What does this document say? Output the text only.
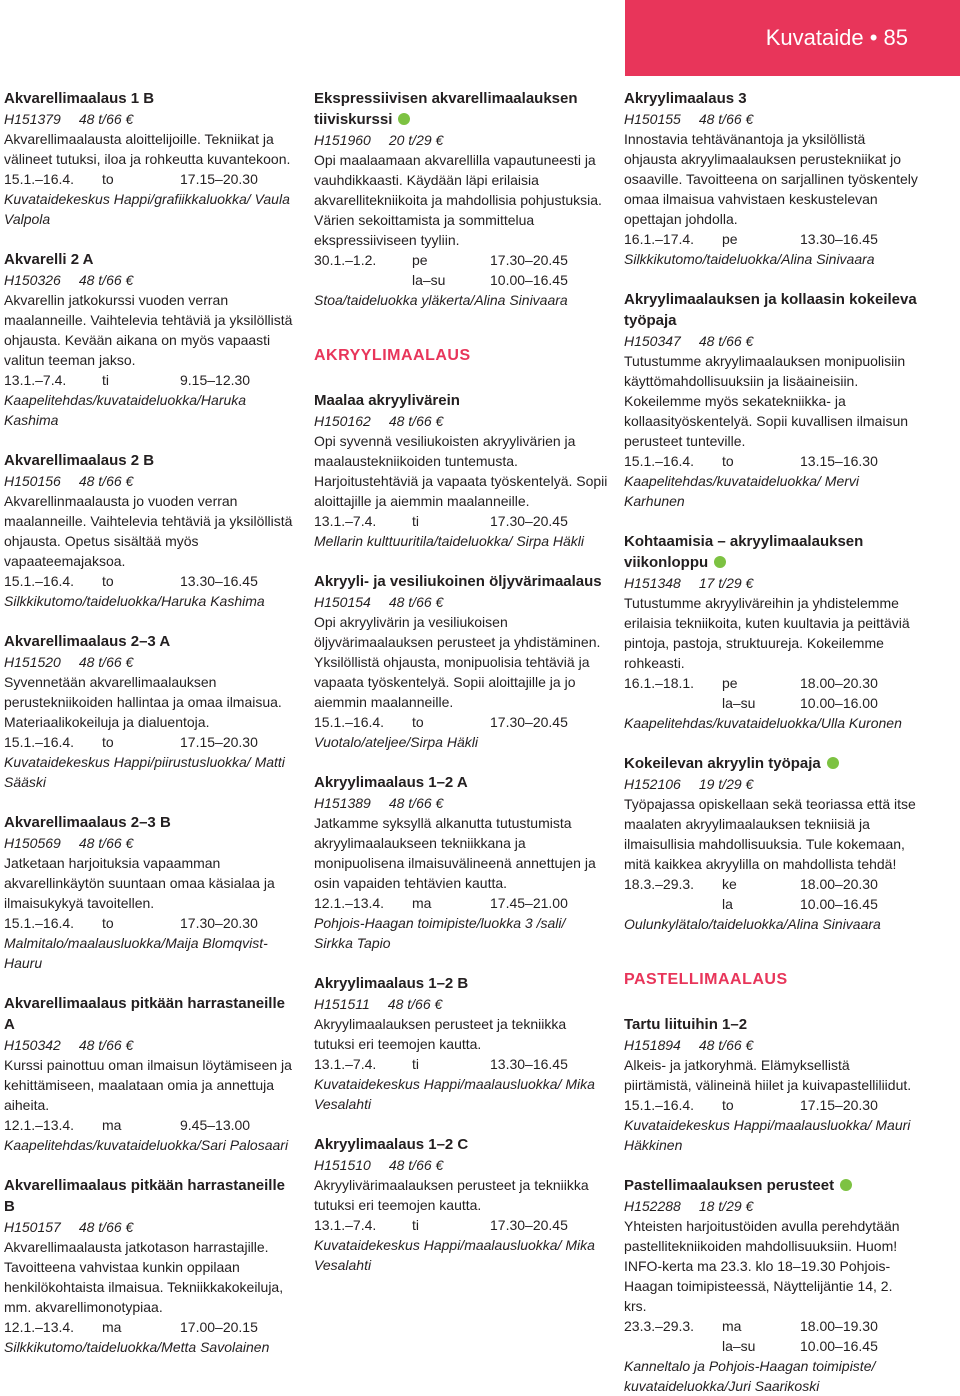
Kuvataide • 85
Akvarellimaalaus 1 B
H151379 48 t/66 €
Akvarellimaalausta aloittelijoille. Tekniikat ja välineet tutuksi, iloa ja rohkeutta kuvantekoon.
15.1.–16.4.	to	17.15–20.30
Kuvataidekeskus Happi/grafiikkaluokka/ Vaula Valpola
Akvarelli 2 A
H150326 48 t/66 €
Akvarellin jatkokurssi vuoden verran maalanneille. Vaihtelevia tehtäviä ja yksilöllistä ohjausta. Kevään aikana on myös vapaasti valitun teeman jakso.
13.1.–7.4.	ti	9.15–12.30
Kaapelitehdas/kuvataideluokka/Haruka Kashima
Akvarellimaalaus 2 B
H150156 48 t/66 €
Akvarellinmaalausta jo vuoden verran maalanneille. Vaihtelevia tehtäviä ja yksilöllistä ohjausta. Opetus sisältää myös vapaateemajaksoa.
15.1.–16.4.	to	13.30–16.45
Silkkikutomo/taideluokka/Haruka Kashima
Akvarellimaalaus 2–3 A
H151520 48 t/66 €
Syvennetään akvarellimaalauksen perustekniikoiden hallintaa ja omaa ilmaisua. Materiaalikokeiluja ja dialuentoja.
15.1.–16.4.	to	17.15–20.30
Kuvataidekeskus Happi/piirustusluokka/ Matti Sääski
Akvarellimaalaus 2–3 B
H150569 48 t/66 €
Jatketaan harjoituksia vapaamman akvarellinkäytön suuntaan omaa käsialaa ja ilmaisukykyä tavoitellen.
15.1.–16.4.	to	17.30–20.30
Malmitalo/maalausluokka/Maija Blomqvist-Hauru
Akvarellimaalaus pitkään harrastaneille A
H150342 48 t/66 €
Kurssi painottuu oman ilmaisun löytämiseen ja kehittämiseen, maalataan omia ja annettuja aiheita.
12.1.–13.4.	ma	9.45–13.00
Kaapelitehdas/kuvataideluokka/Sari Palosaari
Akvarellimaalaus pitkään harrastaneille B
H150157 48 t/66 €
Akvarellimaalausta jatkotason harrastajille. Tavoitteena vahvistaa kunkin oppilaan henkilökohtaista ilmaisua. Tekniikkakokeiluja, mm. akvarellimonotypiaa.
12.1.–13.4.	ma	17.00–20.15
Silkkikutomo/taideluokka/Metta Savolainen
Ekspressiivisen akvarellimaalauksen tiiviskurssi
H151960 20 t/29 €
Opi maalaamaan akvarellilla vapautuneesti ja vauhdikkaasti. Käydään läpi erilaisia akvarellitekniikoita ja mahdollisia pohjustuksia. Värien sekoittamista ja sommittelua ekspressiiviseen tyyliin.
30.1.–1.2.	pe	17.30–20.45
la–su	10.00–16.45
Stoa/taideluokka yläkerta/Alina Sinivaara
AKRYYLIMAALAUS
Maalaa akryylivärein
H150162 48 t/66 €
Opi syvennä vesiliukoisten akryylivärien ja maalaustekniikoiden tuntemusta. Harjoitustehtäviä ja vapaata työskentelyä. Sopii aloittajille ja aiemmin maalanneille.
13.1.–7.4.	ti	17.30–20.45
Mellarin kulttuuritila/taideluokka/ Sirpa Häkli
Akryyli- ja vesiliukoinen öljyvärimaalaus
H150154 48 t/66 €
Opi akryylivärin ja vesiliukoisen öljyvärimaalauksen perusteet ja yhdistäminen. Yksilöllistä ohjausta, monipuolisia tehtäviä ja vapaata työskentelyä. Sopii aloittajille ja jo aiemmin maalanneille.
15.1.–16.4.	to	17.30–20.45
Vuotalo/ateljee/Sirpa Häkli
Akryylimaalaus 1–2 A
H151389 48 t/66 €
Jatkamme syksyllä alkanutta tutustumista akryylimaalaukseen tekniikkana ja monipuolisena ilmaisuvälineenä annettujen ja osin vapaiden tehtävien kautta.
12.1.–13.4.	ma	17.45–21.00
Pohjois-Haagan toimipiste/luokka 3 /sali/ Sirkka Tapio
Akryylimaalaus 1–2 B
H151511 48 t/66 €
Akryylimaalauksen perusteet ja tekniikka tutuksi eri teemojen kautta.
13.1.–7.4.	ti	13.30–16.45
Kuvataidekeskus Happi/maalausluokka/ Mika Vesalahti
Akryylimaalaus 1–2 C
H151510 48 t/66 €
Akryylivärimaalauksen perusteet ja tekniikka tutuksi eri teemojen kautta.
13.1.–7.4.	ti	17.30–20.45
Kuvataidekeskus Happi/maalausluokka/ Mika Vesalahti
Akryylimaalaus 3
H150155 48 t/66 €
Innostavia tehtävänantoja ja yksilöllistä ohjausta akryylimaalauksen perustekniikat jo osaaville. Tavoitteena on sarjallinen työskentely omaa ilmaisua vahvistaen keskustelevan opettajan johdolla.
16.1.–17.4.	pe	13.30–16.45
Silkkikutomo/taideluokka/Alina Sinivaara
Akryylimaalauksen ja kollaasin kokeileva työpaja
H150347 48 t/66 €
Tutustumme akryylimaalauksen monipuolisiin käyttömahdollisuuksiin ja lisäaineisiin. Kokeilemme myös sekatekniikka- ja kollaasityöskentelyä. Sopii kuvallisen ilmaisun perusteet tunteville.
15.1.–16.4.	to	13.15–16.30
Kaapelitehdas/kuvataideluokka/ Mervi Karhunen
Kohtaamisia – akryylimaalauksen viikonloppu
H151348 17 t/29 €
Tutustumme akryyliväreihin ja yhdistelemme erilaisia tekniikoita, kuten kuultavia ja peittäviä pintoja, pastoja, struktuureja. Kokeilemme rohkeasti.
16.1.–18.1.	pe	18.00–20.30
la–su	10.00–16.00
Kaapelitehdas/kuvataideluokka/Ulla Kuronen
Kokeilevan akryylin työpaja
H152106 19 t/29 €
Työpajassa opiskellaan sekä teoriassa että itse maalaten akryylimaalauksen tekniisiä ja ilmaisullisia mahdollisuuksia. Tule kokemaan, mitä kaikkea akryylilla on mahdollista tehdä!
18.3.–29.3.	ke	18.00–20.30
la	10.00–16.45
Oulunkylätalo/taideluokka/Alina Sinivaara
PASTELLIMAALAUS
Tartu liituihin 1–2
H151894 48 t/66 €
Alkeis- ja jatkoryhmä. Elämyksellistä piirtämistä, välineinä hiilet ja kuivapastelliliidut.
15.1.–16.4.	to	17.15–20.30
Kuvataidekeskus Happi/maalausluokka/ Mauri Häkkinen
Pastellimaalauksen perusteet
H152288 18 t/29 €
Yhteisten harjoitustöiden avulla perehdytään pastellitekniikoiden mahdollisuuksiin. Huom! INFO-kerta ma 23.3. klo 18–19.30 Pohjois-Haagan toimipisteessä, Näyttelijäntie 14, 2. krs.
23.3.–29.3.	ma	18.00–19.30
la–su	10.00–16.45
Kanneltalo ja Pohjois-Haagan toimipiste/ kuvataideluokka/Juri Saarikoski
